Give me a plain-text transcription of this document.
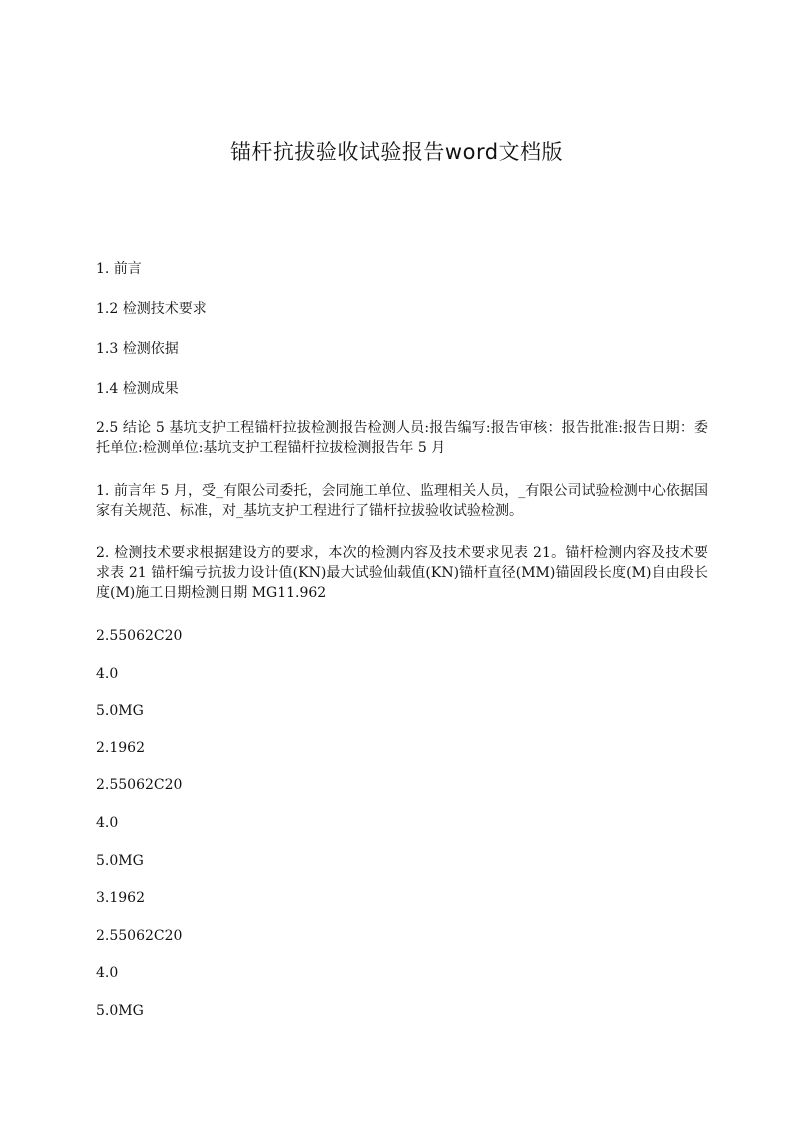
锚杆抗拔验收试验报告word文档版
1. 前言
1.2 检测技术要求
1.3 检测依据
1.4 检测成果
2.5 结论 5 基坑支护工程锚杆拉拔检测报告检测人员:报告编写:报告审核：报告批准:报告日期：委托单位:检测单位:基坑支护工程锚杆拉拔检测报告年 5 月
1. 前言年 5 月，受_有限公司委托，会同施工单位、监理相关人员，_有限公司试验检测中心依据国家有关规范、标准，对_基坑支护工程进行了锚杆拉拔验收试验检测。
2. 检测技术要求根据建设方的要求，本次的检测内容及技术要求见表 21。锚杆检测内容及技术要求表 21 锚杆编亏抗拔力设计值(KN)最大试验仙载值(KN)锚杆直径(MM)锚固段长度(M)自由段长度(M)施工日期检测日期 MG11.962
2.55062C20
4.0
5.0MG
2.1962
2.55062C20
4.0
5.0MG
3.1962
2.55062C20
4.0
5.0MG
